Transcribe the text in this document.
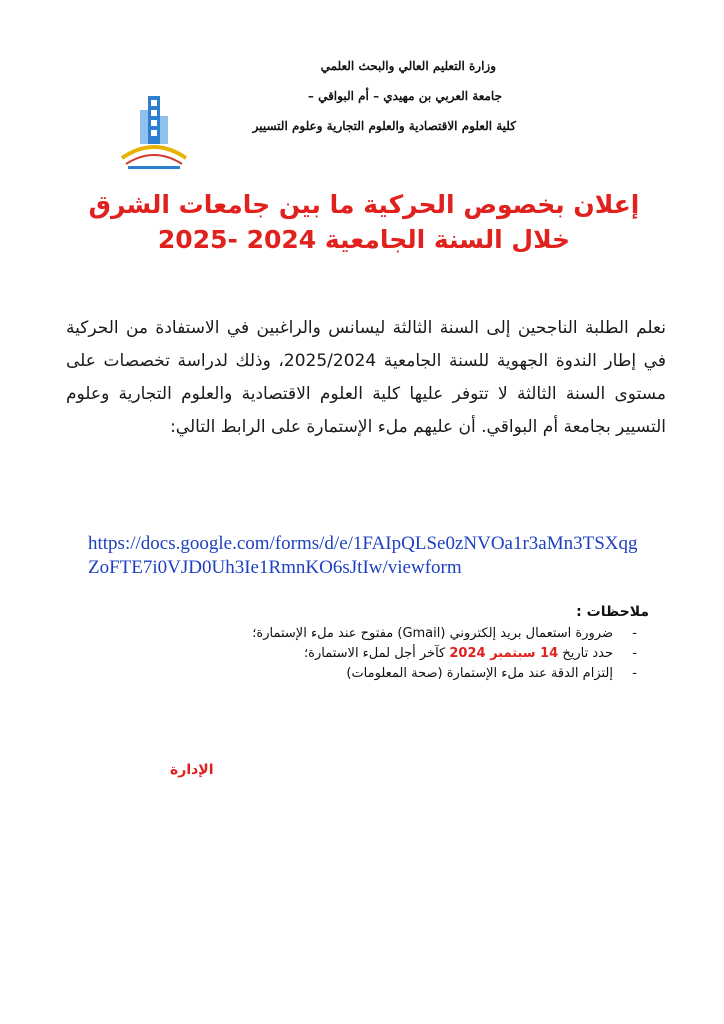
وزارة التعليم العالي والبحث العلمي
جامعة العربي بن مهيدي – أم البواقي –
كلية العلوم الاقتصادية والعلوم التجارية وعلوم التسيير
إعلان بخصوص الحركية ما بين جامعات الشرق
خلال السنة الجامعية 2024 -2025
نعلم الطلبة الناجحين إلى السنة الثالثة ليسانس والراغبين في الاستفادة من الحركية في إطار الندوة الجهوية للسنة الجامعية 2025/2024، وذلك لدراسة تخصصات على مستوى السنة الثالثة لا تتوفر عليها كلية العلوم الاقتصادية والعلوم التجارية وعلوم التسيير بجامعة أم البواقي. أن عليهم ملء الإستمارة على الرابط التالي:
https://docs.google.com/forms/d/e/1FAIpQLSe0zNVOa1r3aMn3TSXqgZoFTE7i0VJD0Uh3Ie1RmnKO6sJtIw/viewform
ملاحظات :
- ضرورة استعمال بريد إلكتروني (Gmail) مفتوح عند ملء الإستمارة؛
- حدد تاريخ 14 سبتمبر 2024 كآخر أجل لملء الاستمارة؛
- إلتزام الدقة عند ملء الإستمارة (صحة المعلومات)
الإدارة
